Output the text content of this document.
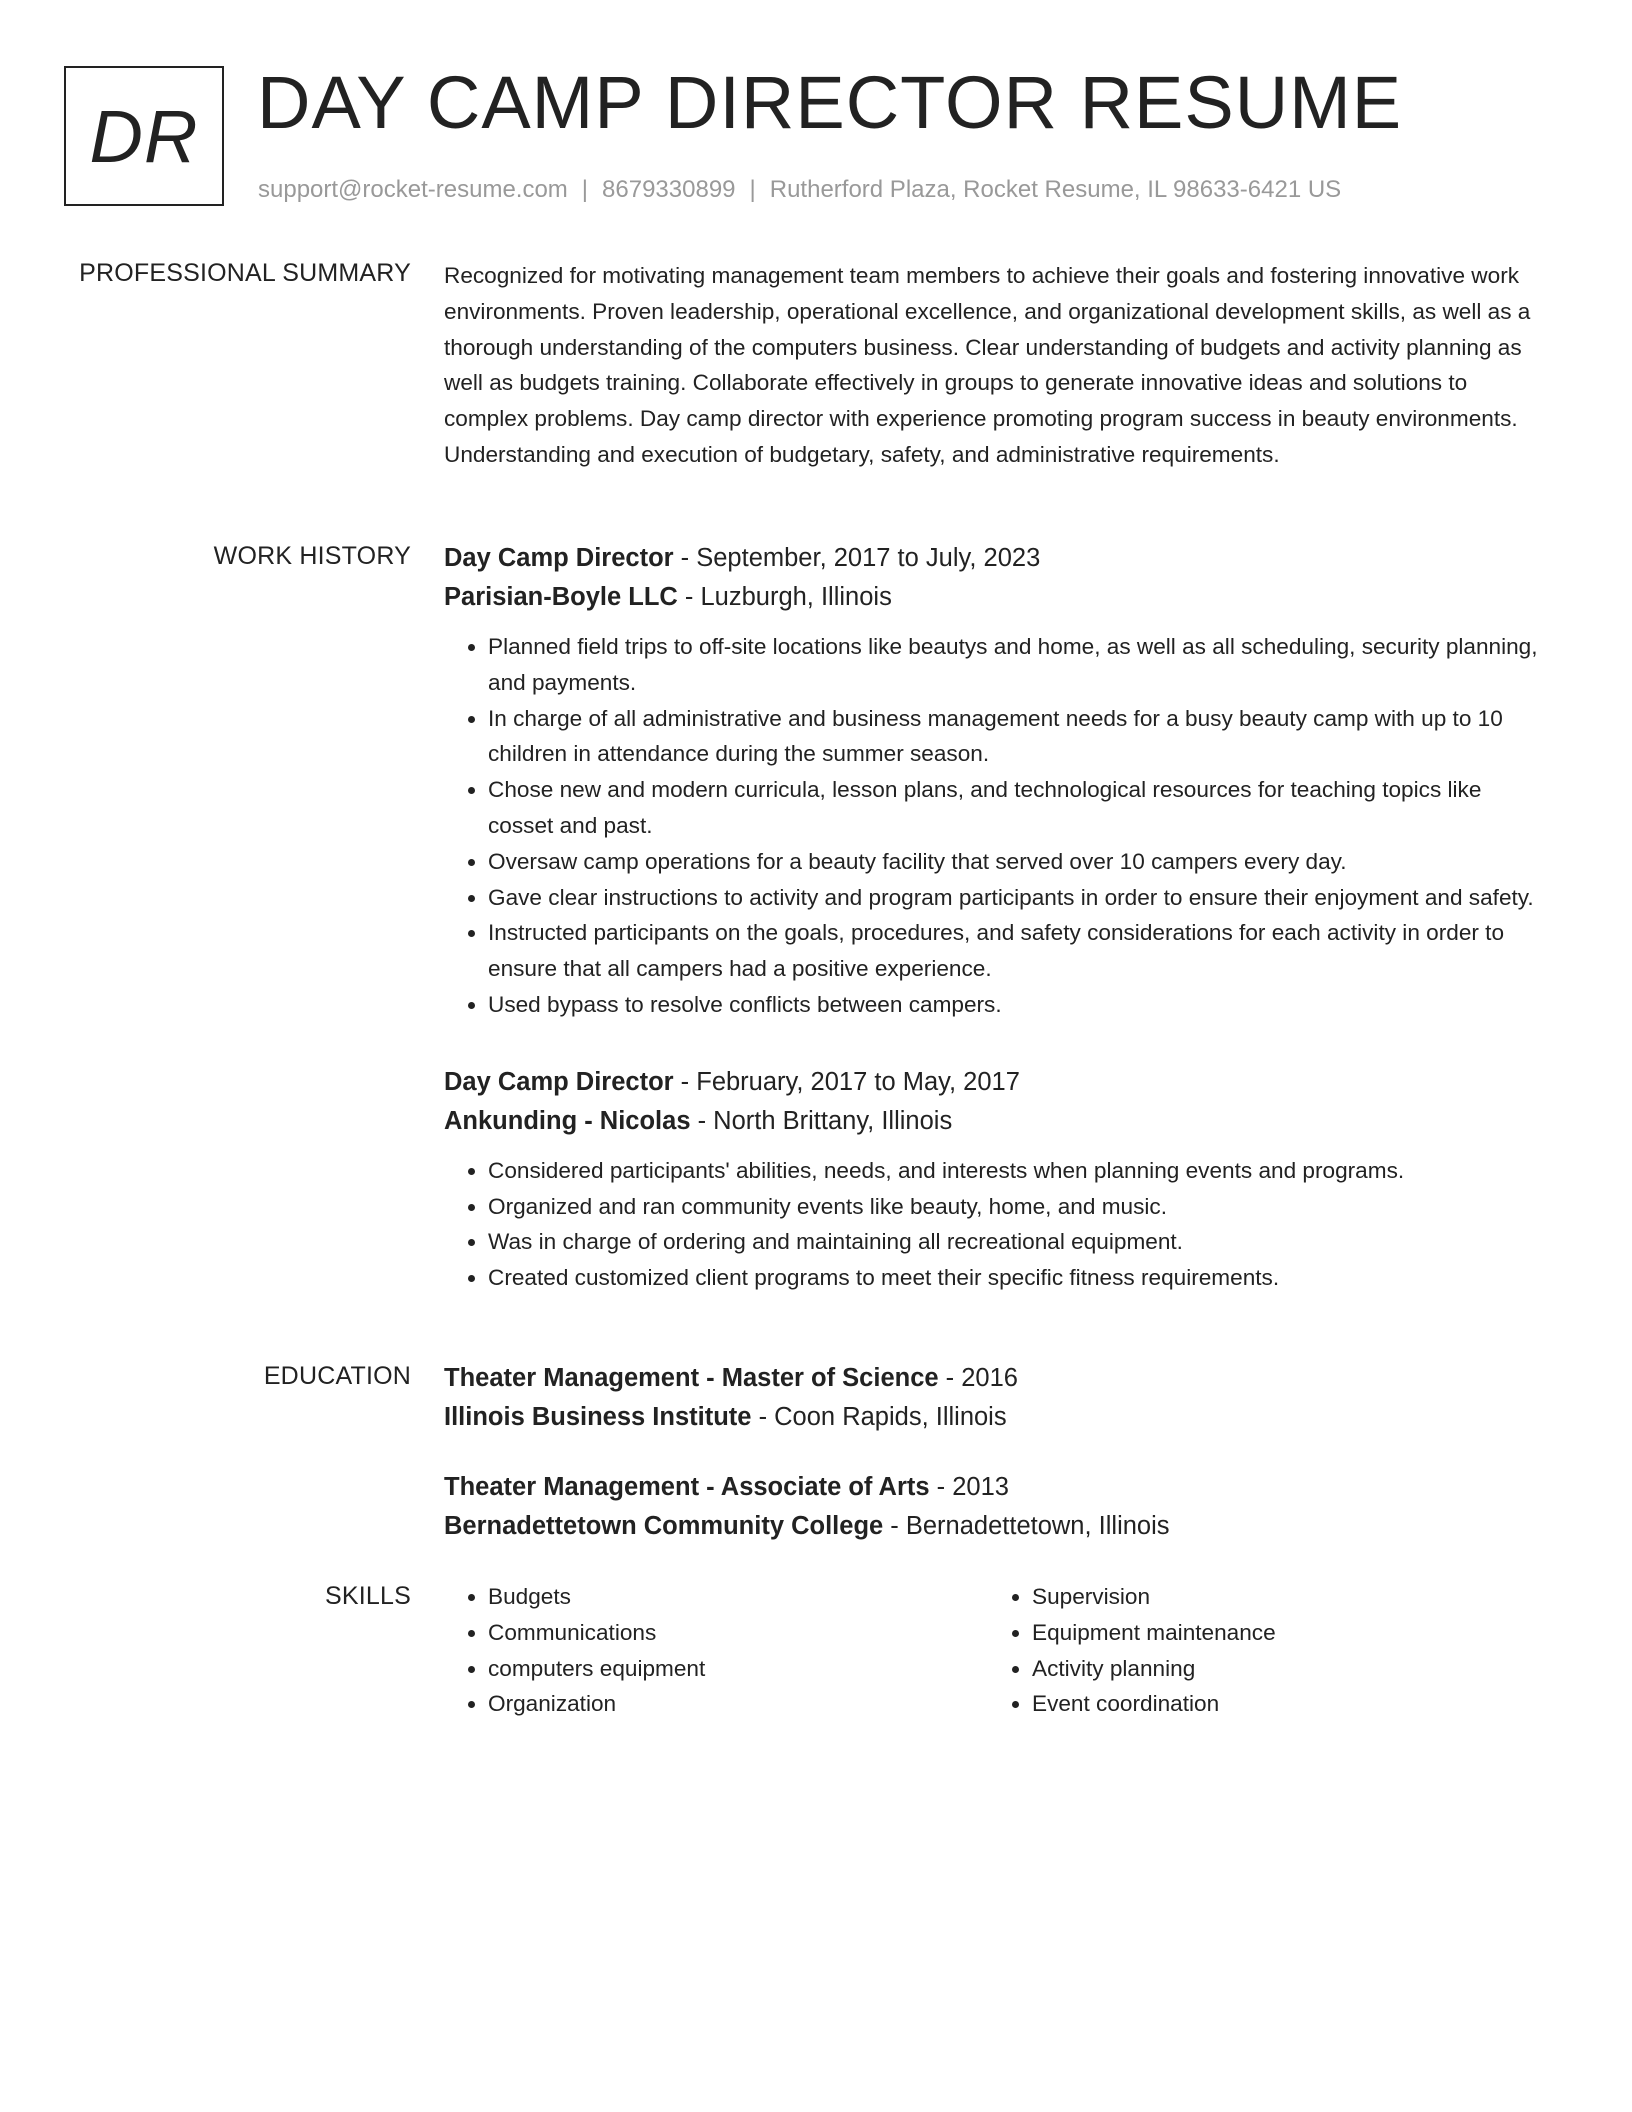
DR DAY CAMP DIRECTOR RESUME
support@rocket-resume.com | 8679330899 | Rutherford Plaza, Rocket Resume, IL 98633-6421 US
PROFESSIONAL SUMMARY Recognized for motivating management team members to achieve their goals and fostering innovative work environments. Proven leadership, operational excellence, and organizational development skills, as well as a thorough understanding of the computers business. Clear understanding of budgets and activity planning as well as budgets training. Collaborate effectively in groups to generate innovative ideas and solutions to complex problems. Day camp director with experience promoting program success in beauty environments. Understanding and execution of budgetary, safety, and administrative requirements.

WORK HISTORY Day Camp Director - September, 2017 to July, 2023
Parisian-Boyle LLC - Luzburgh, Illinois
• Planned field trips to off-site locations like beautys and home, as well as all scheduling, security planning, and payments.
• In charge of all administrative and business management needs for a busy beauty camp with up to 10 children in attendance during the summer season.
• Chose new and modern curricula, lesson plans, and technological resources for teaching topics like cosset and past.
• Oversaw camp operations for a beauty facility that served over 10 campers every day.
• Gave clear instructions to activity and program participants in order to ensure their enjoyment and safety.
• Instructed participants on the goals, procedures, and safety considerations for each activity in order to ensure that all campers had a positive experience.
• Used bypass to resolve conflicts between campers.
Day Camp Director - February, 2017 to May, 2017
Ankunding - Nicolas - North Brittany, Illinois
• Considered participants' abilities, needs, and interests when planning events and programs.
• Organized and ran community events like beauty, home, and music.
• Was in charge of ordering and maintaining all recreational equipment.
• Created customized client programs to meet their specific fitness requirements.
EDUCATION Theater Management - Master of Science - 2016
Illinois Business Institute - Coon Rapids, Illinois
Theater Management - Associate of Arts - 2013
Bernadettetown Community College - Bernadettetown, Illinois
SKILLS
•	Budgets
• Communications
• computers equipment
• Organization
• Supervision
• Equipment maintenance
• Activity planning
• Event coordination
